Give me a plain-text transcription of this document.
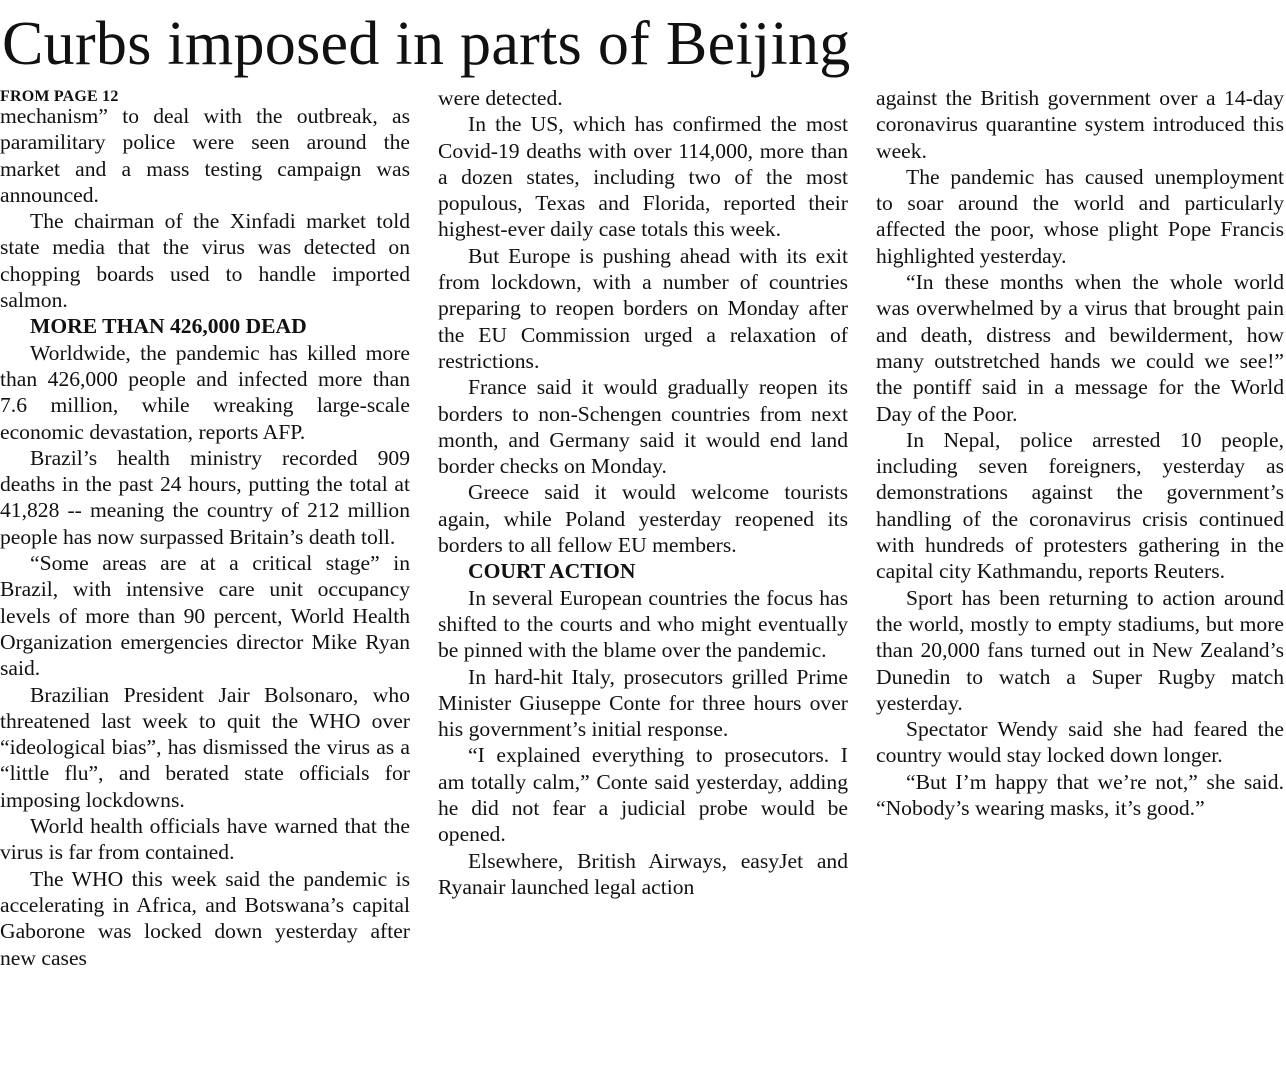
Curbs imposed in parts of Beijing
FROM PAGE 12

mechanism” to deal with the outbreak, as paramilitary police were seen around the market and a mass testing campaign was announced.

The chairman of the Xinfadi market told state media that the virus was detected on chopping boards used to handle imported salmon.

MORE THAN 426,000 DEAD

Worldwide, the pandemic has killed more than 426,000 people and infected more than 7.6 million, while wreaking large-scale economic devastation, reports AFP.

Brazil’s health ministry recorded 909 deaths in the past 24 hours, putting the total at 41,828 -- meaning the country of 212 million people has now surpassed Britain’s death toll.

“Some areas are at a critical stage” in Brazil, with intensive care unit occupancy levels of more than 90 percent, World Health Organization emergencies director Mike Ryan said.

Brazilian President Jair Bolsonaro, who threatened last week to quit the WHO over “ideological bias”, has dismissed the virus as a “little flu”, and berated state officials for imposing lockdowns.

World health officials have warned that the virus is far from contained.

The WHO this week said the pandemic is accelerating in Africa, and Botswana’s capital Gaborone was locked down yesterday after new cases

were detected.

In the US, which has confirmed the most Covid-19 deaths with over 114,000, more than a dozen states, including two of the most populous, Texas and Florida, reported their highest-ever daily case totals this week.

But Europe is pushing ahead with its exit from lockdown, with a number of countries preparing to reopen borders on Monday after the EU Commission urged a relaxation of restrictions.

France said it would gradually reopen its borders to non-Schengen countries from next month, and Germany said it would end land border checks on Monday.

Greece said it would welcome tourists again, while Poland yesterday reopened its borders to all fellow EU members.

COURT ACTION

In several European countries the focus has shifted to the courts and who might eventually be pinned with the blame over the pandemic.

In hard-hit Italy, prosecutors grilled Prime Minister Giuseppe Conte for three hours over his government’s initial response.

“I explained everything to prosecutors. I am totally calm,” Conte said yesterday, adding he did not fear a judicial probe would be opened.

Elsewhere, British Airways, easyJet and Ryanair launched legal action

against the British government over a 14-day coronavirus quarantine system introduced this week.

The pandemic has caused unemployment to soar around the world and particularly affected the poor, whose plight Pope Francis highlighted yesterday.

“In these months when the whole world was overwhelmed by a virus that brought pain and death, distress and bewilderment, how many outstretched hands we could we see!” the pontiff said in a message for the World Day of the Poor.

In Nepal, police arrested 10 people, including seven foreigners, yesterday as demonstrations against the government’s handling of the coronavirus crisis continued with hundreds of protesters gathering in the capital city Kathmandu, reports Reuters.

Sport has been returning to action around the world, mostly to empty stadiums, but more than 20,000 fans turned out in New Zealand’s Dunedin to watch a Super Rugby match yesterday.

Spectator Wendy said she had feared the country would stay locked down longer.

“But I’m happy that we’re not,” she said. “Nobody’s wearing masks, it’s good.”
